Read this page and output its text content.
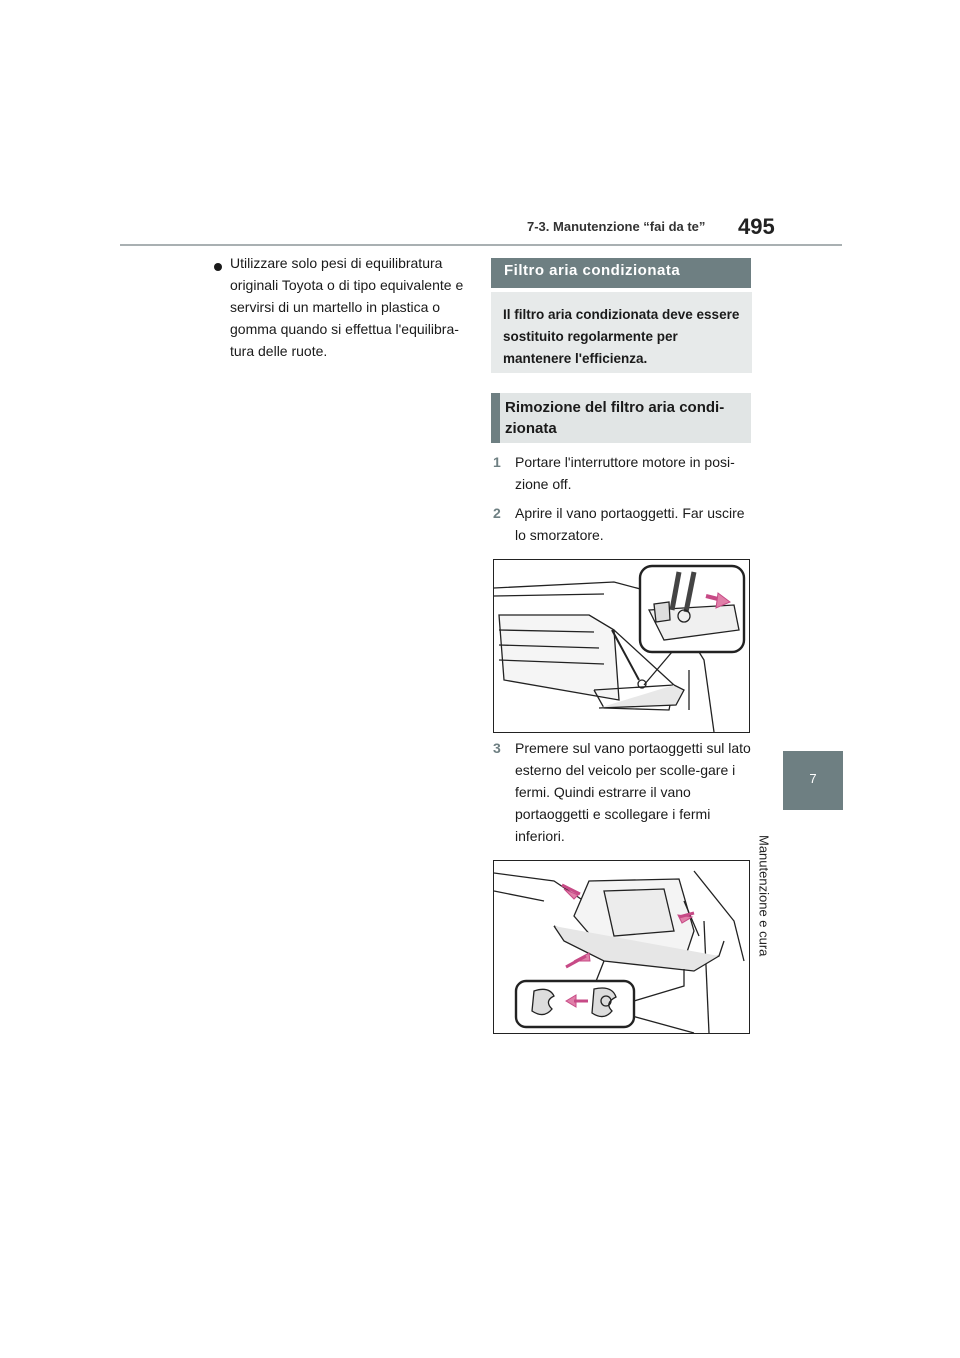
7-3. Manutenzione “fai da te” 495
7
Manutenzione e cura
Utilizzare solo pesi di equilibratura originali Toyota o di tipo equivalente e servirsi di un martello in plastica o gomma quando si effettua l'equilibra-tura delle ruote.
Filtro aria condizionata
Il filtro aria condizionata deve essere sostituito regolarmente per mantenere l'efficienza.
Rimozione del filtro aria condi-zionata
1 Portare l'interruttore motore in posi-zione off.
2 Aprire il vano portaoggetti. Far uscire lo smorzatore.
3 Premere sul vano portaoggetti sul lato esterno del veicolo per scolle-gare i fermi. Quindi estrarre il vano portaoggetti e scollegare i fermi inferiori.
